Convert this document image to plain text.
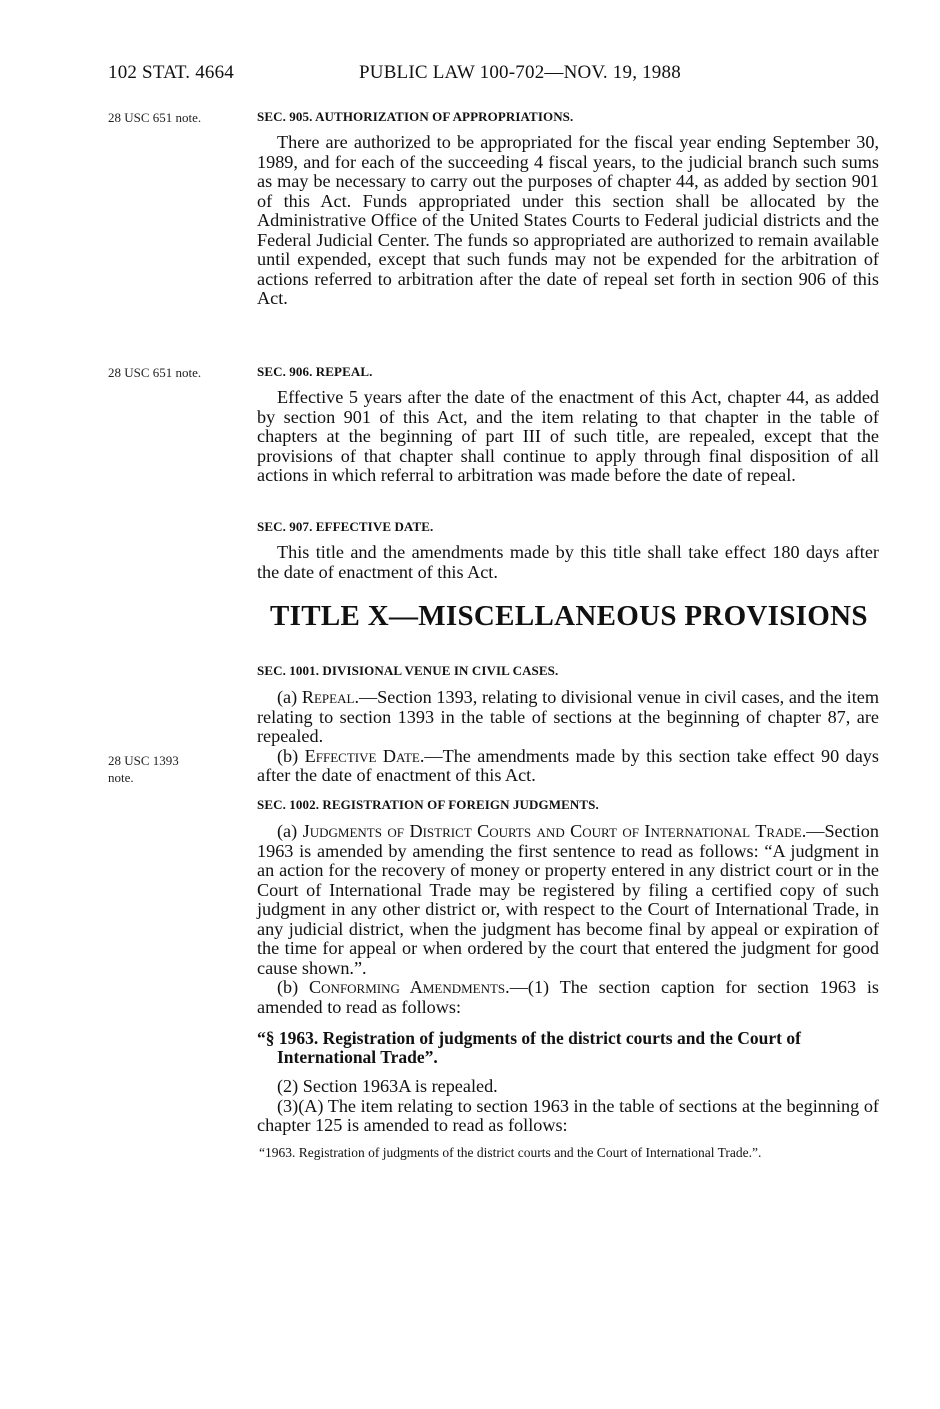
102 STAT. 4664	PUBLIC LAW 100-702—NOV. 19, 1988
28 USC 651 note.
28 USC 651 note.
28 USC 1393
note.

SEC. 905. AUTHORIZATION OF APPROPRIATIONS.

There are authorized to be appropriated for the fiscal year ending September 30, 1989, and for each of the succeeding 4 fiscal years, to the judicial branch such sums as may be necessary to carry out the purposes of chapter 44, as added by section 901 of this Act. Funds appropriated under this section shall be allocated by the Administrative Office of the United States Courts to Federal judicial districts and the Federal Judicial Center. The funds so appropriated are authorized to remain available until expended, except that such funds may not be expended for the arbitration of actions referred to arbitration after the date of repeal set forth in section 906 of this Act.

SEC. 906. REPEAL.

Effective 5 years after the date of the enactment of this Act, chapter 44, as added by section 901 of this Act, and the item relating to that chapter in the table of chapters at the beginning of part III of such title, are repealed, except that the provisions of that chapter shall continue to apply through final disposition of all actions in which referral to arbitration was made before the date of repeal.

SEC. 907. EFFECTIVE DATE.

This title and the amendments made by this title shall take effect 180 days after the date of enactment of this Act.

TITLE X—MISCELLANEOUS PROVISIONS

SEC. 1001. DIVISIONAL VENUE IN CIVIL CASES.

(a) Repeal.—Section 1393, relating to divisional venue in civil cases, and the item relating to section 1393 in the table of sections at the beginning of chapter 87, are repealed.

(b) Effective Date.—The amendments made by this section take effect 90 days after the date of enactment of this Act.

SEC. 1002. REGISTRATION OF FOREIGN JUDGMENTS.

(a) Judgments of District Courts and Court of International Trade.—Section 1963 is amended by amending the first sentence to read as follows: “A judgment in an action for the recovery of money or property entered in any district court or in the Court of International Trade may be registered by filing a certified copy of such judgment in any other district or, with respect to the Court of International Trade, in any judicial district, when the judgment has become final by appeal or expiration of the time for appeal or when ordered by the court that entered the judgment for good cause shown.”.

(b) Conforming Amendments.—(1) The section caption for section 1963 is amended to read as follows:

“§ 1963. Registration of judgments of the district courts and the Court of International Trade”.

(2) Section 1963A is repealed.

(3)(A) The item relating to section 1963 in the table of sections at the beginning of chapter 125 is amended to read as follows:

“1963. Registration of judgments of the district courts and the Court of International Trade.”.
